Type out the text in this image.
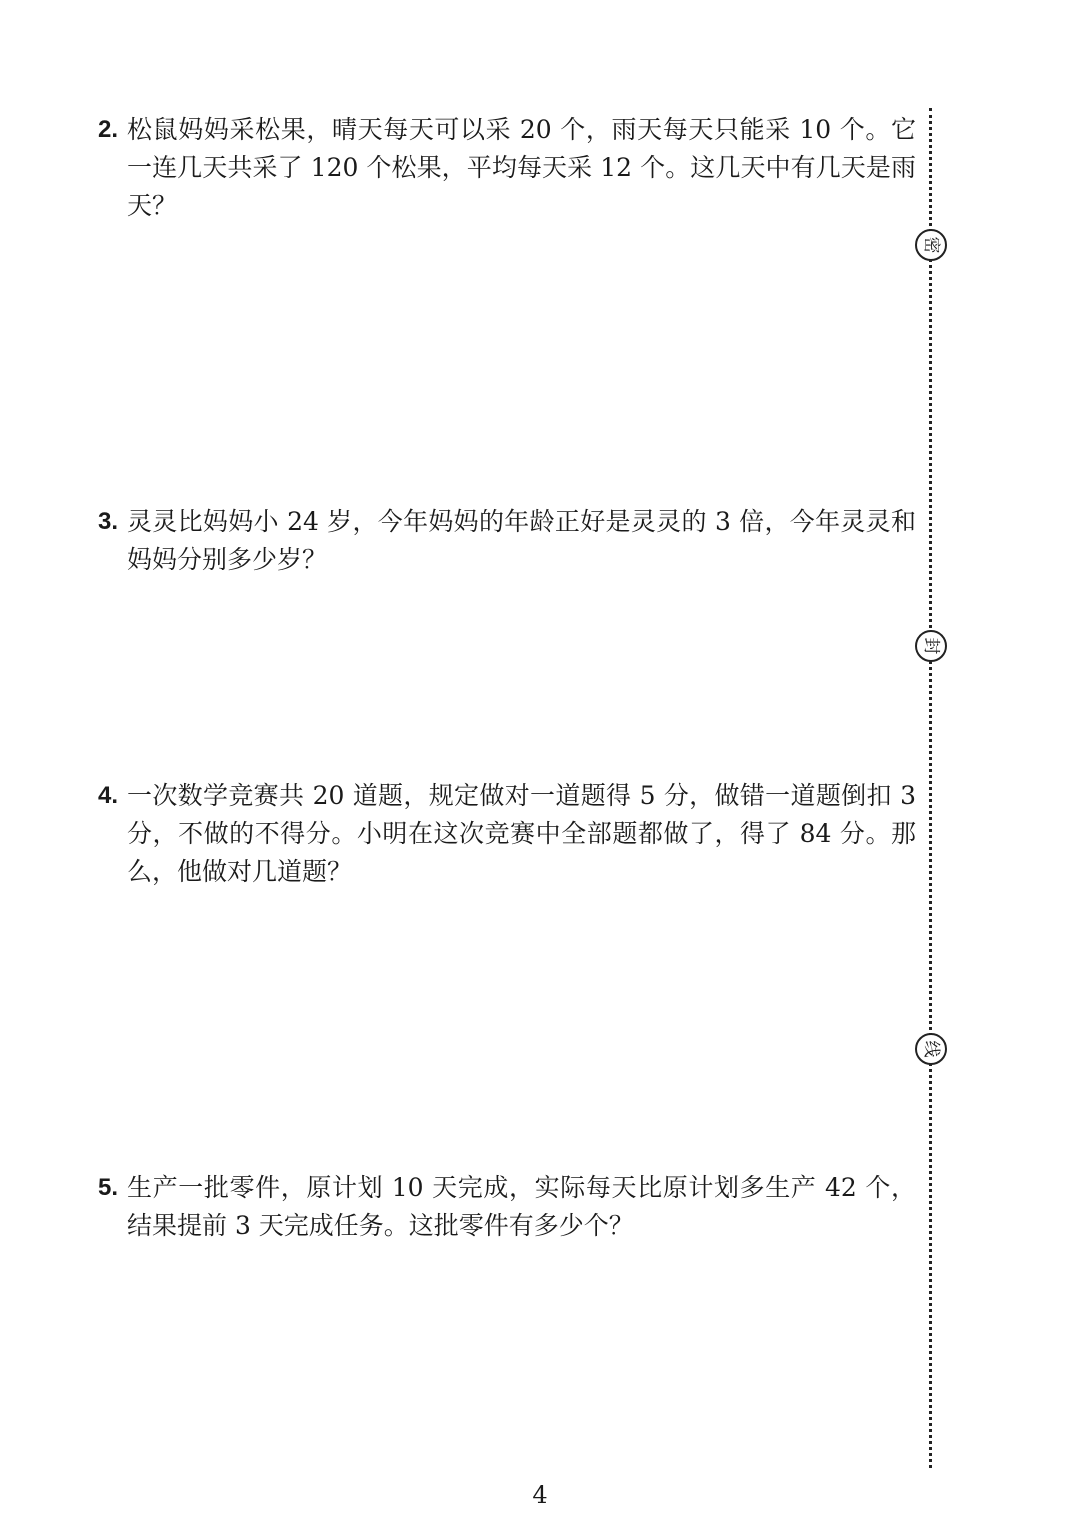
2. 松鼠妈妈采松果，晴天每天可以采 20 个，雨天每天只能采 10 个。它一连几天共采了 120 个松果，平均每天采 12 个。这几天中有几天是雨天？
3. 灵灵比妈妈小 24 岁，今年妈妈的年龄正好是灵灵的 3 倍，今年灵灵和妈妈分别多少岁？
4. 一次数学竞赛共 20 道题，规定做对一道题得 5 分，做错一道题倒扣 3 分，不做的不得分。小明在这次竞赛中全部题都做了，得了 84 分。那么，他做对几道题？
5. 生产一批零件，原计划 10 天完成，实际每天比原计划多生产 42 个，结果提前 3 天完成任务。这批零件有多少个？
密
封
线
4
